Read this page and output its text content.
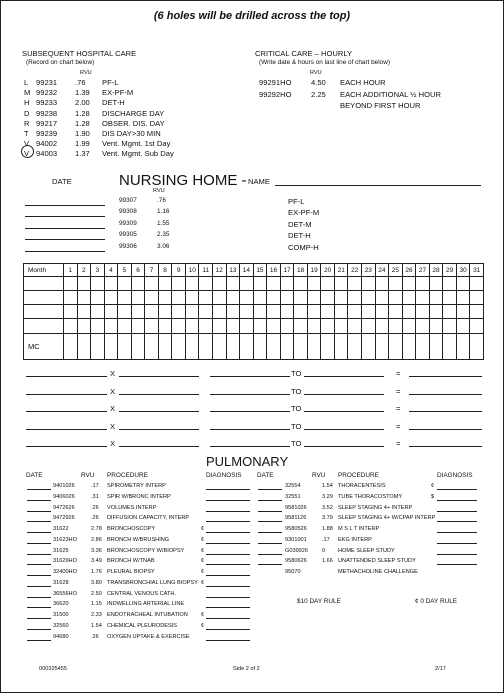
(6 holes will be drilled across the top)
SUBSEQUENT HOSPITAL CARE
(Record on chart below)
RVU
L 99231 .76 PF-L
M 99232 1.39 EX-PF-M
H 99233 2.00 DET-H
D 99238 1.28 DISCHARGE DAY
R 99217 1.28 OBSER. DIS. DAY
T 99239 1.90 DIS DAY>30 MIN
V 94002 1.99 Vent. Mgmt. 1st Day
V 94003 1.37 Vent. Mgmt. Sub Day
CRITICAL CARE – HOURLY
(Write date & hours on last line of chart below)
RVU
99291HO	4.50 EACH HOUR
99292HO	2.25 EACH ADDITIONAL ½ HOUR
BEYOND FIRST HOUR
DATE	NURSING HOME - NAME
RVU
99307	.76	PF-L
99308	1.16	EX-PF-M
99309	1.55	DET-M
99305	2.35	DET-H
99306	3.06	COMP-H
Month	1	2	3	4	5	6	7	8	9	10	11	12	13	14	15	16	17	18	19	20	21	22	23	24	25	26	27	28	29	30	31

MC																															
X	TO	=
X	TO	=
X	TO	=
X	TO	=
X	TO	=
PULMONARY
DATE	RVU PROCEDURE	DIAGNOSIS DATE	RVU PROCEDURE	DIAGNOSIS
9401026	.17 SPIROMETRY INTERP
9406026	.31 SPIR W/BRONC INTERP
9472626	.26 VOLUMES INTERP
9472926	.26 DIFFUSION CAPACITY, INTERP
31622	2.78 BRONCHOSCOPY	¢
31623HO	2.86 BRONCH W/BRUSHING	¢
31625	3.36 BRONCHOSCOPY W/BIOPSY	¢
31629HO	3.49 BRONCH W/TNAB	¢
32400HO	1.76 PLEURAL BIOPSY	¢
31628	3.80 TRANSBRONCHIAL LUNG BIOPSY ¢
36556HO	2.50 CENTRAL VENOUS CATH.
36620	1.15 INDWELLING ARTERIAL LINE
31500	2.33 ENDOTRACHEAL INTUBATION ¢
32560	1.54 CHEMICAL PLEURODESIS	¢
94680	.26 OXYGEN UPTAKE & EXERCISE
32554	1.54 THORACENTESIS	¢
32551	3.29 TUBE THORACOSTOMY	$
9581026	3.52 SLEEP STAGING 4+ INTERP
9581126	3.79 SLEEP STAGING 4+ W/CPAP INTERP
9580526	1.88 M S L T INTERP
9301001	.17 EKG INTERP
G039926 0 HOME SLEEP STUDY
9580626	1.66 UNATTENDED SLEEP STUDY
95070	METHACHOLINE CHALLENGE
$10 DAY RULE	¢ 0 DAY RULE
000325455	Side 2 of 2	2/17
